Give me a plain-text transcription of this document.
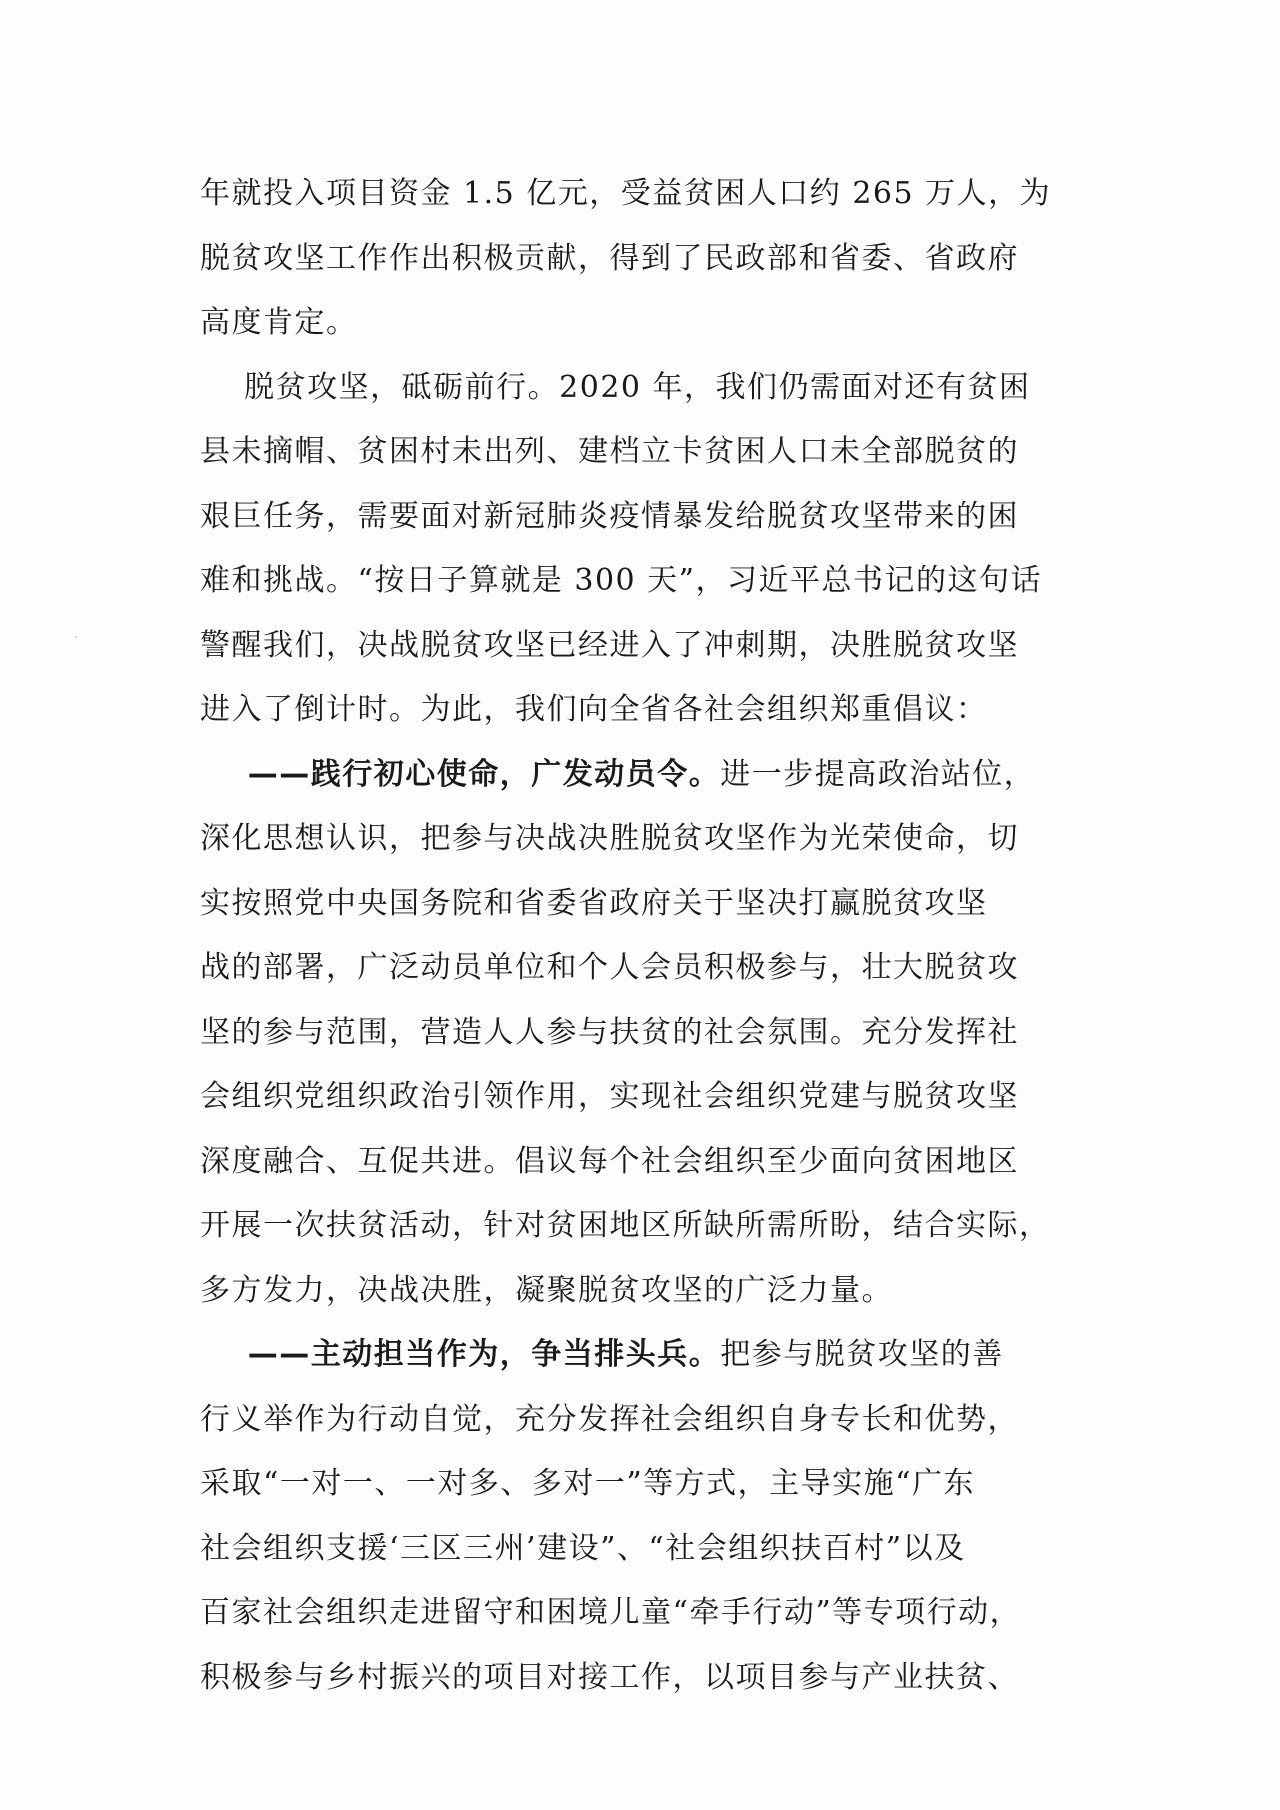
年就投入项目资金 1.5 亿元，受益贫困人口约 265 万人，为
脱贫攻坚工作作出积极贡献，得到了民政部和省委、省政府
高度肯定。
脱贫攻坚，砥砺前行。2020 年，我们仍需面对还有贫困
县未摘帽、贫困村未出列、建档立卡贫困人口未全部脱贫的
艰巨任务，需要面对新冠肺炎疫情暴发给脱贫攻坚带来的困
难和挑战。“按日子算就是 300 天”，习近平总书记的这句话
警醒我们，决战脱贫攻坚已经进入了冲刺期，决胜脱贫攻坚
进入了倒计时。为此，我们向全省各社会组织郑重倡议：
——践行初心使命，广发动员令。进一步提高政治站位，
深化思想认识，把参与决战决胜脱贫攻坚作为光荣使命，切
实按照党中央国务院和省委省政府关于坚决打赢脱贫攻坚
战的部署，广泛动员单位和个人会员积极参与，壮大脱贫攻
坚的参与范围，营造人人参与扶贫的社会氛围。充分发挥社
会组织党组织政治引领作用，实现社会组织党建与脱贫攻坚
深度融合、互促共进。倡议每个社会组织至少面向贫困地区
开展一次扶贫活动，针对贫困地区所缺所需所盼，结合实际，
多方发力，决战决胜，凝聚脱贫攻坚的广泛力量。
——主动担当作为，争当排头兵。把参与脱贫攻坚的善
行义举作为行动自觉，充分发挥社会组织自身专长和优势，
采取“一对一、一对多、多对一”等方式，主导实施“广东
社会组织支援‘三区三州’建设”、“社会组织扶百村”以及
百家社会组织走进留守和困境儿童“牵手行动”等专项行动，
积极参与乡村振兴的项目对接工作，以项目参与产业扶贫、
